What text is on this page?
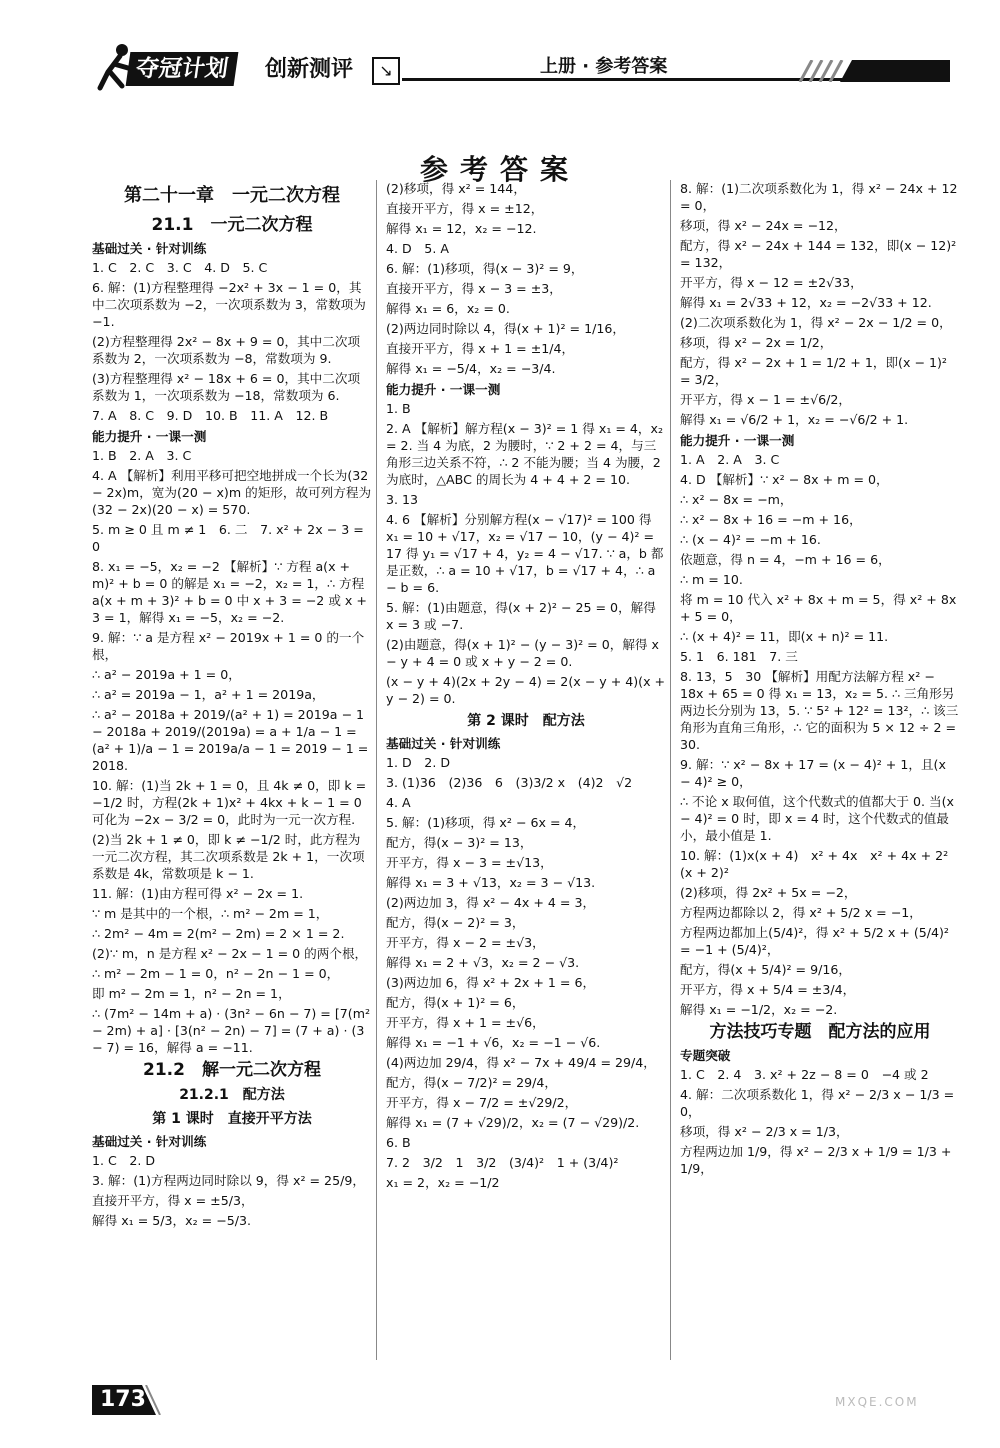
夺冠计划	创新测评	↘	上册 · 参考答案
参考答案
第二十一章　一元二次方程
21.1　一元二次方程
基础过关 · 针对训练
1. C　2. C　3. C　4. D　5. C
6. 解：(1)方程整理得 −2x² + 3x − 1 = 0，其中二次项系数为 −2，一次项系数为 3，常数项为 −1.
(2)方程整理得 2x² − 8x + 9 = 0，其中二次项系数为 2，一次项系数为 −8，常数项为 9.
(3)方程整理得 x² − 18x + 6 = 0，其中二次项系数为 1，一次项系数为 −18，常数项为 6.
7. A　8. C　9. D　10. B　11. A　12. B
能力提升 · 一课一测
1. B　2. A　3. C
4. A 【解析】利用平移可把空地拼成一个长为(32 − 2x)m，宽为(20 − x)m 的矩形，故可列方程为(32 − 2x)(20 − x) = 570.
5. m ≥ 0 且 m ≠ 1　6. 二　7. x² + 2x − 3 = 0
8. x₁ = −5，x₂ = −2 【解析】∵ 方程 a(x + m)² + b = 0 的解是 x₁ = −2，x₂ = 1，∴ 方程 a(x + m + 3)² + b = 0 中 x + 3 = −2 或 x + 3 = 1，解得 x₁ = −5，x₂ = −2.
9. 解：∵ a 是方程 x² − 2019x + 1 = 0 的一个根，
∴ a² − 2019a + 1 = 0，
∴ a² = 2019a − 1，a² + 1 = 2019a，
∴ a² − 2018a + 2019/(a² + 1) = 2019a − 1 − 2018a + 2019/(2019a) = a + 1/a − 1 = (a² + 1)/a − 1 = 2019a/a − 1 = 2019 − 1 = 2018.
10. 解：(1)当 2k + 1 = 0，且 4k ≠ 0，即 k = −1/2 时，方程(2k + 1)x² + 4kx + k − 1 = 0 可化为 −2x − 3/2 = 0，此时为一元一次方程.
(2)当 2k + 1 ≠ 0，即 k ≠ −1/2 时，此方程为一元二次方程，其二次项系数是 2k + 1，一次项系数是 4k，常数项是 k − 1.
11. 解：(1)由方程可得 x² − 2x = 1.
∵ m 是其中的一个根，∴ m² − 2m = 1，
∴ 2m² − 4m = 2(m² − 2m) = 2 × 1 = 2.
(2)∵ m，n 是方程 x² − 2x − 1 = 0 的两个根，
∴ m² − 2m − 1 = 0，n² − 2n − 1 = 0，
即 m² − 2m = 1，n² − 2n = 1，
∴ (7m² − 14m + a) · (3n² − 6n − 7) = [7(m² − 2m) + a] · [3(n² − 2n) − 7] = (7 + a) · (3 − 7) = 16，解得 a = −11.
21.2　解一元二次方程
21.2.1　配方法
第 1 课时　直接开平方法
基础过关 · 针对训练
1. C　2. D
3. 解：(1)方程两边同时除以 9，得 x² = 25/9，
直接开平方，得 x = ±5/3，
解得 x₁ = 5/3，x₂ = −5/3.
(2)移项，得 x² = 144，
直接开平方，得 x = ±12，
解得 x₁ = 12，x₂ = −12.
4. D　5. A
6. 解：(1)移项，得(x − 3)² = 9，
直接开平方，得 x − 3 = ±3，
解得 x₁ = 6，x₂ = 0.
(2)两边同时除以 4，得(x + 1)² = 1/16，
直接开平方，得 x + 1 = ±1/4，
解得 x₁ = −5/4，x₂ = −3/4.
能力提升 · 一课一测
1. B
2. A 【解析】解方程(x − 3)² = 1 得 x₁ = 4，x₂ = 2. 当 4 为底，2 为腰时，∵ 2 + 2 = 4，与三角形三边关系不符，∴ 2 不能为腰；当 4 为腰，2 为底时，△ABC 的周长为 4 + 4 + 2 = 10.
3. 13
4. 6 【解析】分别解方程(x − √17)² = 100 得 x₁ = 10 + √17，x₂ = √17 − 10，(y − 4)² = 17 得 y₁ = √17 + 4，y₂ = 4 − √17. ∵ a，b 都是正数，∴ a = 10 + √17，b = √17 + 4，∴ a − b = 6.
5. 解：(1)由题意，得(x + 2)² − 25 = 0，解得 x = 3 或 −7.
(2)由题意，得(x + 1)² − (y − 3)² = 0，解得 x − y + 4 = 0 或 x + y − 2 = 0.
(x − y + 4)(2x + 2y − 4) = 2(x − y + 4)(x + y − 2) = 0.
第 2 课时　配方法
基础过关 · 针对训练
1. D　2. D
3. (1)36　(2)36　6　(3)3/2 x　(4)2　√2
4. A
5. 解：(1)移项，得 x² − 6x = 4，
配方，得(x − 3)² = 13，
开平方，得 x − 3 = ±√13，
解得 x₁ = 3 + √13，x₂ = 3 − √13.
(2)两边加 3，得 x² − 4x + 4 = 3，
配方，得(x − 2)² = 3，
开平方，得 x − 2 = ±√3，
解得 x₁ = 2 + √3，x₂ = 2 − √3.
(3)两边加 6，得 x² + 2x + 1 = 6，
配方，得(x + 1)² = 6，
开平方，得 x + 1 = ±√6，
解得 x₁ = −1 + √6，x₂ = −1 − √6.
(4)两边加 29/4，得 x² − 7x + 49/4 = 29/4，
配方，得(x − 7/2)² = 29/4，
开平方，得 x − 7/2 = ±√29/2，
解得 x₁ = (7 + √29)/2，x₂ = (7 − √29)/2.
6. B
7. 2　3/2　1　3/2　(3/4)²　1 + (3/4)²
x₁ = 2，x₂ = −1/2
8. 解：(1)二次项系数化为 1，得 x² − 24x + 12 = 0，
移项，得 x² − 24x = −12，
配方，得 x² − 24x + 144 = 132，即(x − 12)² = 132，
开平方，得 x − 12 = ±2√33，
解得 x₁ = 2√33 + 12，x₂ = −2√33 + 12.
(2)二次项系数化为 1，得 x² − 2x − 1/2 = 0，
移项，得 x² − 2x = 1/2，
配方，得 x² − 2x + 1 = 1/2 + 1，即(x − 1)² = 3/2，
开平方，得 x − 1 = ±√6/2，
解得 x₁ = √6/2 + 1，x₂ = −√6/2 + 1.
能力提升 · 一课一测
1. A　2. A　3. C
4. D 【解析】∵ x² − 8x + m = 0，
∴ x² − 8x = −m，
∴ x² − 8x + 16 = −m + 16，
∴ (x − 4)² = −m + 16.
依题意，得 n = 4，−m + 16 = 6，
∴ m = 10.
将 m = 10 代入 x² + 8x + m = 5，得 x² + 8x + 5 = 0，
∴ (x + 4)² = 11，即(x + n)² = 11.
5. 1　6. 181　7. 三
8. 13，5　30 【解析】用配方法解方程 x² − 18x + 65 = 0 得 x₁ = 13，x₂ = 5. ∴ 三角形另两边长分别为 13，5. ∵ 5² + 12² = 13²，∴ 该三角形为直角三角形，∴ 它的面积为 5 × 12 ÷ 2 = 30.
9. 解：∵ x² − 8x + 17 = (x − 4)² + 1，且(x − 4)² ≥ 0，
∴ 不论 x 取何值，这个代数式的值都大于 0. 当(x − 4)² = 0 时，即 x = 4 时，这个代数式的值最小，最小值是 1.
10. 解：(1)x(x + 4)　x² + 4x　x² + 4x + 2²　(x + 2)²
(2)移项，得 2x² + 5x = −2，
方程两边都除以 2，得 x² + 5/2 x = −1，
方程两边都加上(5/4)²，得 x² + 5/2 x + (5/4)² = −1 + (5/4)²，
配方，得(x + 5/4)² = 9/16，
开平方，得 x + 5/4 = ±3/4，
解得 x₁ = −1/2，x₂ = −2.
方法技巧专题　配方法的应用
专题突破
1. C　2. 4　3. x² + 2z − 8 = 0　−4 或 2
4. 解：二次项系数化 1，得 x² − 2/3 x − 1/3 = 0，
移项，得 x² − 2/3 x = 1/3，
方程两边加 1/9，得 x² − 2/3 x + 1/9 = 1/3 + 1/9，
173	MXQE.COM
